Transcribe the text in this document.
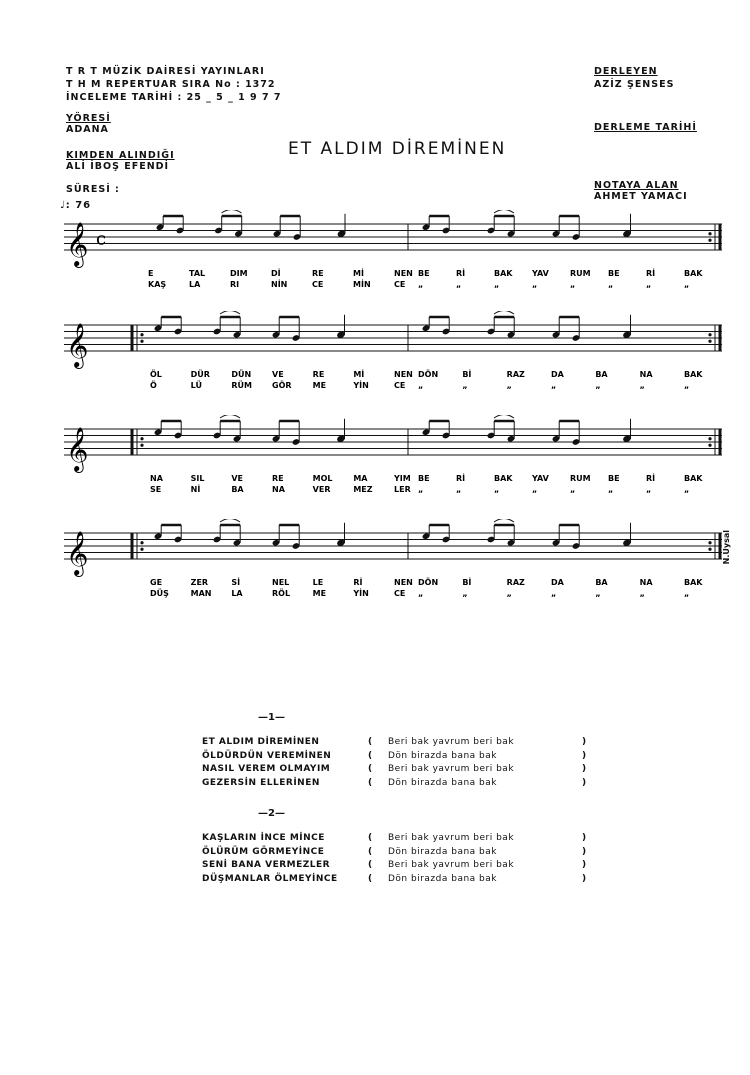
T R T MÜZİK DAİRESİ YAYINLARI
T H M REPERTUAR SIRA No : 1372
İNCELEME TARİHİ : 25 _ 5 _ 1 9 7 7
YÖRESİ
ADANA
KIMDEN ALINDIĞI
ALİ İBOŞ EFENDİ
SÜRESİ :
♩: 76
DERLEYEN
AZİZ ŞENSES
DERLEME TARİHİ
NOTAYA ALAN
AHMET YAMACI
ET ALDIM DİREMİNEN
𝄞 c
E	TAL	DIM	Dİ	RE	Mİ	NEN BE	Rİ	BAK YAV	RUM BE	Rİ	BAK
KAŞ	LA	RI	NİN	CE	MİN	CE „	„	„	„	„	„	„	„
𝄞
ÖL	DÜR	DÜN	VE	RE	Mİ	NEN DÖN	Bİ	RAZ	DA	BA	NA	BAK
Ö	LÜ	RÜM	GÖR	ME	YİN	CE „	„	„	„	„	„	„
𝄞
NA	SIL	VE	RE	MOL	MA	YIM BE	Rİ	BAK YAV	RUM BE	Rİ	BAK
SE	Nİ	BA	NA	VER	MEZ	LER „	„	„	„	„	„	„	„
𝄞
GE	ZER	Sİ	NEL	LE	Rİ	NEN DÖN	Bİ	RAZ	DA	BA	NA	BAK
DÜŞ	MAN LA	RÖL	ME	YİN	CE „	„	„	„	„	„	„
N.Uysal
—1—
ET ALDIM DİREMİNEN	( Beri bak yavrum beri bak	)
ÖLDÜRDÜN VEREMİNEN	( Dön birazda bana bak	)
NASIL VEREM OLMAYIM	( Beri bak yavrum beri bak	)
GEZERSİN ELLERİNEN	( Dön birazda bana bak	)
—2—
KAŞLARIN İNCE MİNCE	( Beri bak yavrum beri bak	)
ÖLÜRÜM GÖRMEYİNCE	( Dön birazda bana bak	)
SENİ BANA VERMEZLER	( Beri bak yavrum beri bak	)
DÜŞMANLAR ÖLMEYİNCE	( Dön birazda bana bak	)
